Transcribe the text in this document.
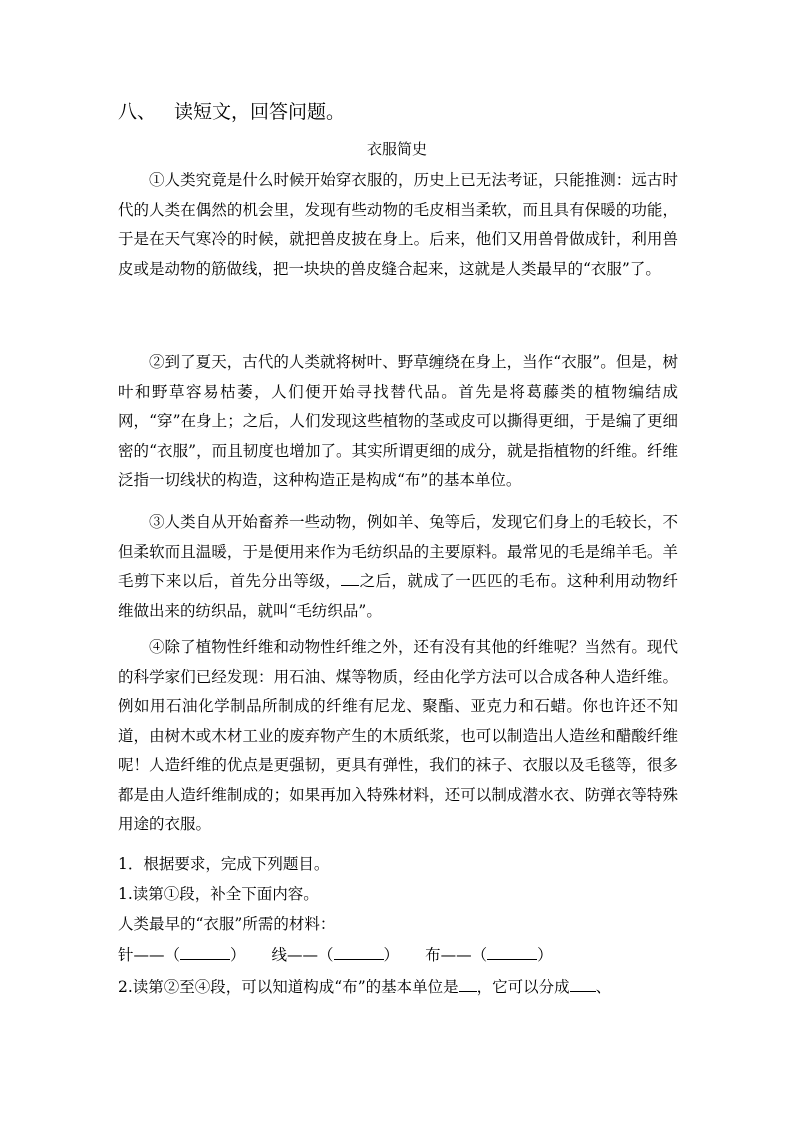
八、 读短文，回答问题。
衣服简史
①人类究竟是什么时候开始穿衣服的，历史上已无法考证，只能推测：远古时代的人类在偶然的机会里，发现有些动物的毛皮相当柔软，而且具有保暖的功能，于是在天气寒冷的时候，就把兽皮披在身上。后来，他们又用兽骨做成针，利用兽皮或是动物的筋做线，把一块块的兽皮缝合起来，这就是人类最早的“衣服”了。
②到了夏天，古代的人类就将树叶、野草缠绕在身上，当作“衣服”。但是，树叶和野草容易枯萎，人们便开始寻找替代品。首先是将葛藤类的植物编结成网，“穿”在身上；之后，人们发现这些植物的茎或皮可以撕得更细，于是编了更细密的“衣服”，而且韧度也增加了。其实所谓更细的成分，就是指植物的纤维。纤维泛指一切线状的构造，这种构造正是构成“布”的基本单位。
③人类自从开始畜养一些动物，例如羊、兔等后，发现它们身上的毛较长，不但柔软而且温暖，于是便用来作为毛纺织品的主要原料。最常见的毛是绵羊毛。羊毛剪下来以后，首先分出等级， 之后，就成了一匹匹的毛布。这种利用动物纤维做出来的纺织品，就叫“毛纺织品”。
④除了植物性纤维和动物性纤维之外，还有没有其他的纤维呢？当然有。现代的科学家们已经发现：用石油、煤等物质，经由化学方法可以合成各种人造纤维。例如用石油化学制品所制成的纤维有尼龙、聚酯、亚克力和石蜡。你也许还不知道，由树木或木材工业的废弃物产生的木质纸浆，也可以制造出人造丝和醋酸纤维呢！人造纤维的优点是更强韧，更具有弹性，我们的袜子、衣服以及毛毯等，很多都是由人造纤维制成的；如果再加入特殊材料，还可以制成潜水衣、防弹衣等特殊用途的衣服。
1．根据要求，完成下列题目。
1.读第①段，补全下面内容。
人类最早的“衣服”所需的材料：
针——（	） 线——（	） 布——（	）
2.读第②至④段，可以知道构成“布”的基本单位是 ，它可以分成 、
